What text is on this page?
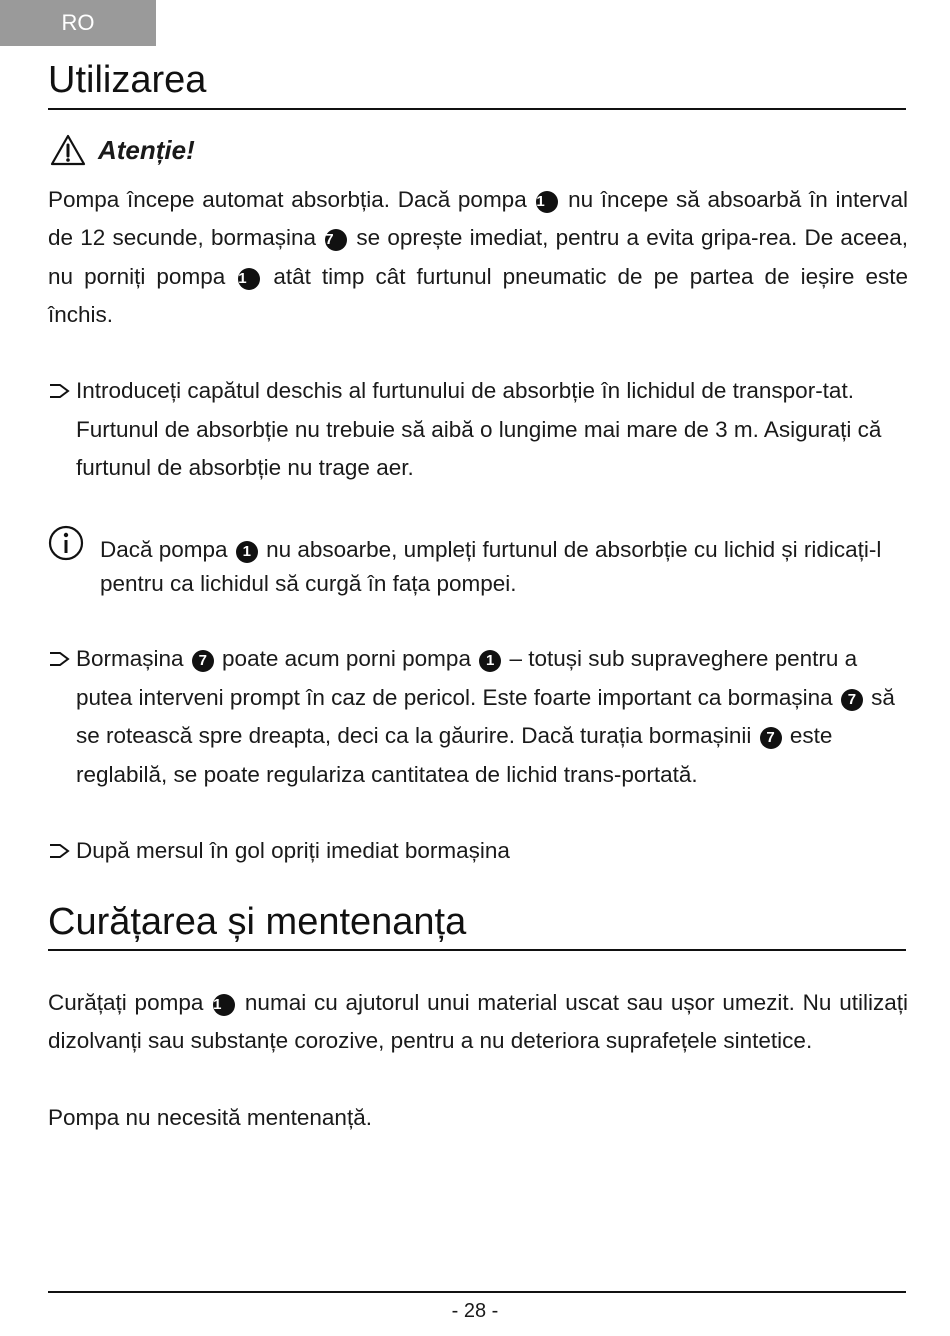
RO
Utilizarea
Atenție!

Pompa începe automat absorbția. Dacă pompa 1 nu începe să absoarbă în interval de 12 secunde, bormașina 7 se oprește imediat, pentru a evita gripa-rea. De aceea, nu porniți pompa 1 atât timp cât furtunul pneumatic de pe partea de ieșire este închis.

Introduceți capătul deschis al furtunului de absorbție în lichidul de transpor-tat. Furtunul de absorbție nu trebuie să aibă o lungime mai mare de 3 m. Asigurați că furtunul de absorbție nu trage aer.

Dacă pompa 1 nu absoarbe, umpleți furtunul de absorbție cu lichid și ridicați-l pentru ca lichidul să curgă în fața pompei.

Bormașina 7 poate acum porni pompa 1 – totuși sub supraveghere pentru a putea interveni prompt în caz de pericol. Este foarte important ca bormașina 7 să se rotească spre dreapta, deci ca la găurire. Dacă turația bormașinii 7 este reglabilă, se poate regulariza cantitatea de lichid trans-portată.

După mersul în gol opriți imediat bormașina

Curățarea și mentenanța

Curățați pompa 1 numai cu ajutorul unui material uscat sau ușor umezit. Nu utilizați dizolvanți sau substanțe corozive, pentru a nu deteriora suprafețele sintetice.

Pompa nu necesită mentenanță.

- 28 -
